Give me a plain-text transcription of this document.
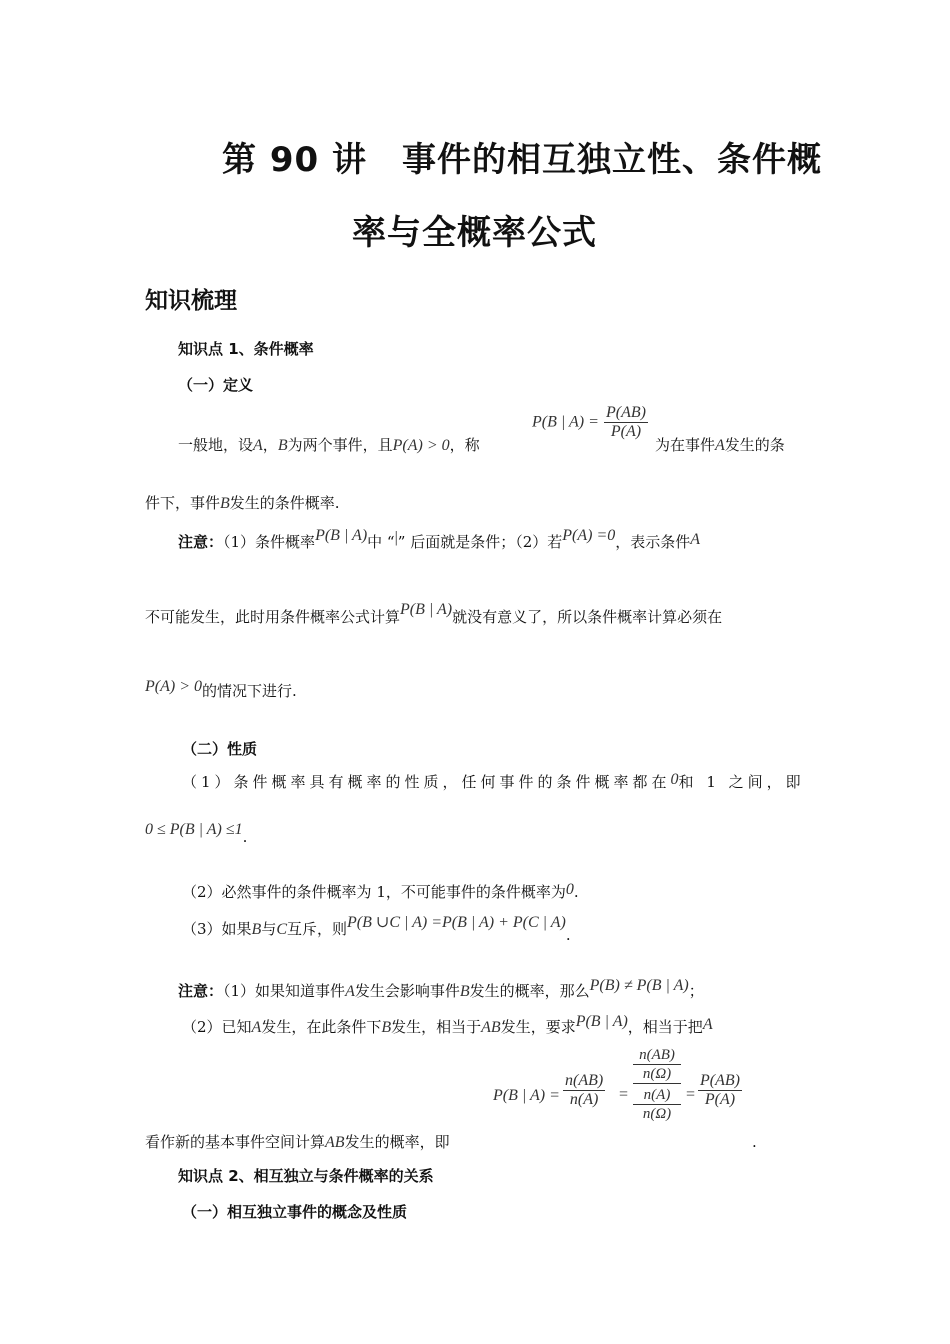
第 90 讲　事件的相互独立性、条件概
率与全概率公式
知识梳理
知识点 1、条件概率
（一）定义
一般地，设A，B为两个事件，且P(A) > 0，称
P(B | $A) = \frac{P(AB)}{P(A)}$
为在事件A发生的条
件下，事件B发生的条件概率.
注意：（1）条件概率P(B | A)中 “|” 后面就是条件；（2）若P(A) =0，表示条件A
不可能发生，此时用条件概率公式计算P(B | A)就没有意义了，所以条件概率计算必须在
P(A) > 0的情况下进行.
（二）性质
（1）条件概率具有概率的性质，任何事件的条件概率都在0和 1 之间，即
0 ≤ P(B | A) ≤1.
（2）必然事件的条件概率为 1，不可能事件的条件概率为0.
（3）如果B与C互斥，则P(B ∪C | A) =P(B | A) + P(C | A).
注意：（1）如果知道事件A发生会影响事件B发生的概率，那么P(B) ≠ P(B | A)；
（2）已知A发生，在此条件下B发生，相当于AB发生，要求P(B | A)，相当于把A
P(B | $A) = \frac{n(AB)}{n(A)}$ =
n(AB)
n(Ω)
n(A)
n(Ω)
= $\frac{P(AB)}{P(A)}$
看作新的基本事件空间计算AB发生的概率，即	.
知识点 2、相互独立与条件概率的关系
（一）相互独立事件的概念及性质
